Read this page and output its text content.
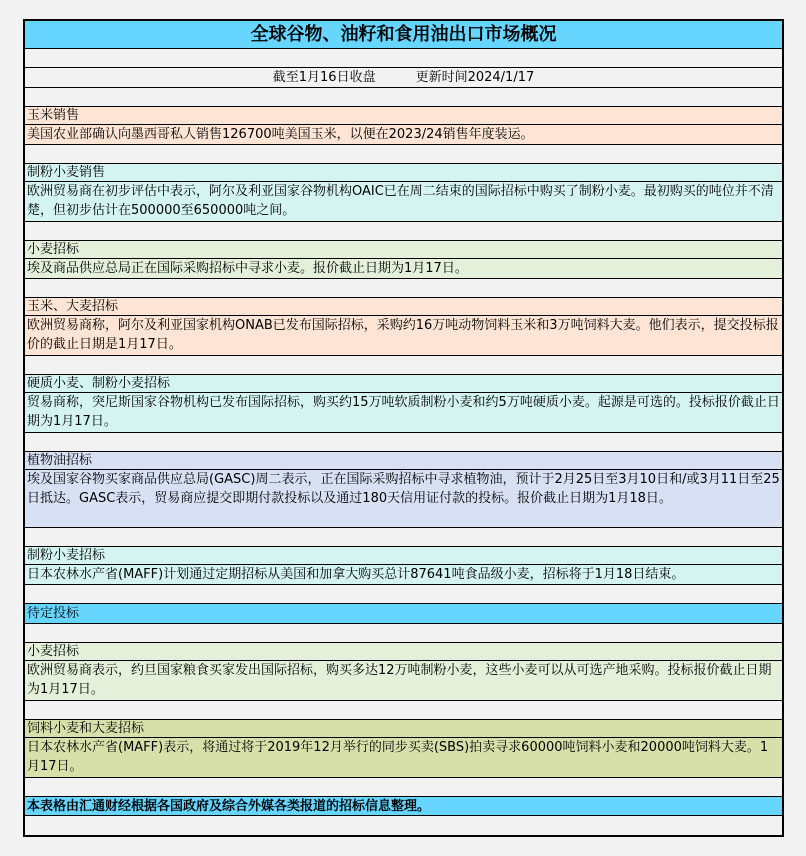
全球谷物、油籽和食用油出口市场概况
截至1月16日收盘	更新时间2024/1/17
玉米销售
美国农业部确认向墨西哥私人销售126700吨美国玉米，以便在2023/24销售年度装运。
制粉小麦销售
欧洲贸易商在初步评估中表示，阿尔及利亚国家谷物机构OAIC已在周二结束的国际招标中购买了制粉小麦。最初购买的吨位并不清楚，但初步估计在500000至650000吨之间。
小麦招标
埃及商品供应总局正在国际采购招标中寻求小麦。报价截止日期为1月17日。
玉米、大麦招标
欧洲贸易商称，阿尔及利亚国家机构ONAB已发布国际招标，采购约16万吨动物饲料玉米和3万吨饲料大麦。他们表示，提交投标报价的截止日期是1月17日。
硬质小麦、制粉小麦招标
贸易商称，突尼斯国家谷物机构已发布国际招标，购买约15万吨软质制粉小麦和约5万吨硬质小麦。起源是可选的。投标报价截止日期为1月17日。
植物油招标
埃及国家谷物买家商品供应总局(GASC)周二表示，正在国际采购招标中寻求植物油，预计于2月25日至3月10日和/或3月11日至25日抵达。GASC表示，贸易商应提交即期付款投标以及通过180天信用证付款的投标。报价截止日期为1月18日。
制粉小麦招标
日本农林水产省(MAFF)计划通过定期招标从美国和加拿大购买总计87641吨食品级小麦，招标将于1月18日结束。
待定投标
小麦招标
欧洲贸易商表示，约旦国家粮食买家发出国际招标，购买多达12万吨制粉小麦，这些小麦可以从可选产地采购。投标报价截止日期为1月17日。
饲料小麦和大麦招标
日本农林水产省(MAFF)表示，将通过将于2019年12月举行的同步买卖(SBS)拍卖寻求60000吨饲料小麦和20000吨饲料大麦。1月17日。
本表格由汇通财经根据各国政府及综合外媒各类报道的招标信息整理。
